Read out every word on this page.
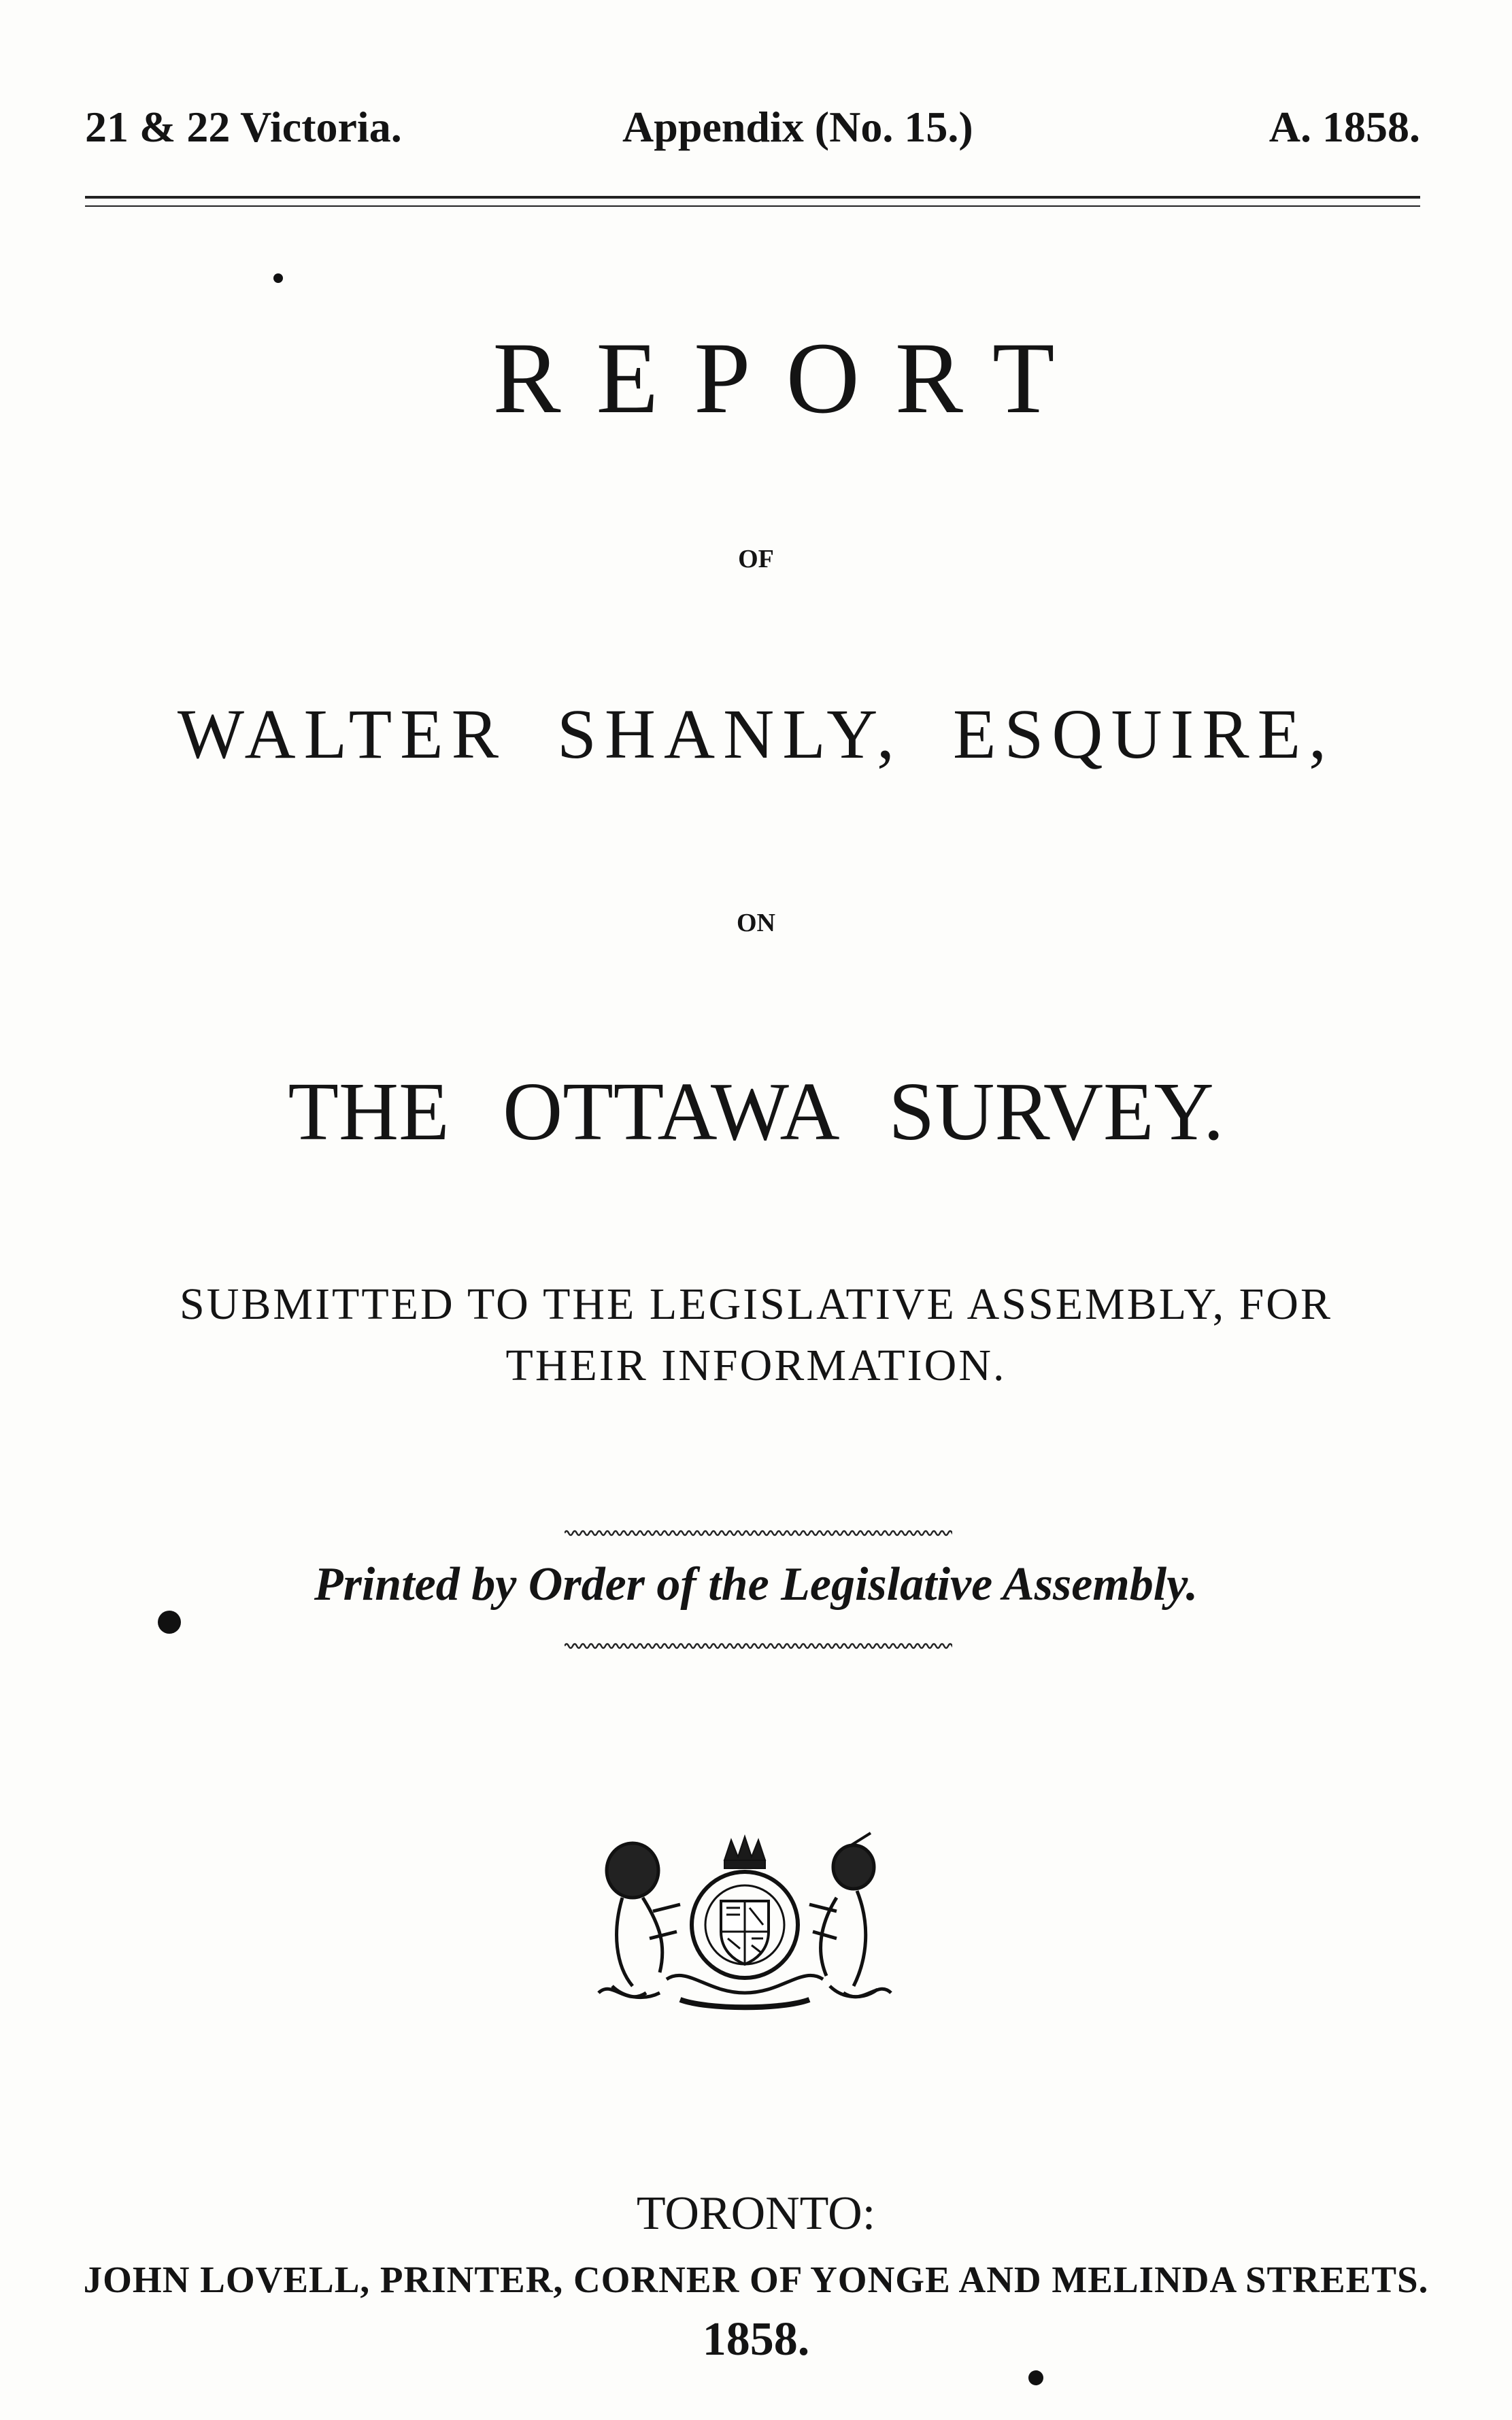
21 & 22 Victoria.	Appendix (No. 15.)	A. 1858.
REPORT
OF
WALTER SHANLY, ESQUIRE,
ON
THE OTTAWA SURVEY.
SUBMITTED TO THE LEGISLATIVE ASSEMBLY, FOR
THEIR INFORMATION.
Printed by Order of the Legislative Assembly.
TORONTO:
JOHN LOVELL, PRINTER, CORNER OF YONGE AND MELINDA STREETS.
1858.
